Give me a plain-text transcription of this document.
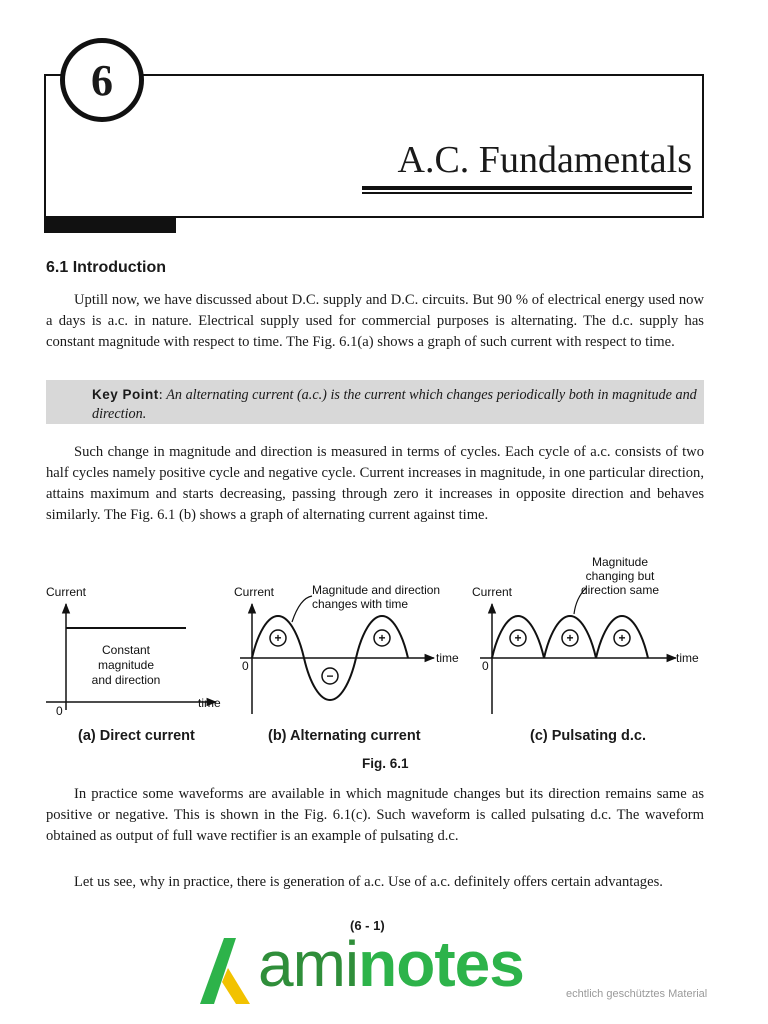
6
A.C. Fundamentals
6.1 Introduction

Uptill now, we have discussed about D.C. supply and D.C. circuits. But 90 % of electrical energy used now a days is a.c. in nature. Electrical supply used for commercial purposes is alternating. The d.c. supply has constant magnitude with respect to time. The Fig. 6.1(a) shows a graph of such current with respect to time.

Key Point: An alternating current (a.c.) is the current which changes periodically both in magnitude and direction.

Such change in magnitude and direction is measured in terms of cycles. Each cycle of a.c. consists of two half cycles namely positive cycle and negative cycle. Current increases in magnitude, in one particular direction, attains maximum and starts decreasing, passing through zero it increases in opposite direction and behaves similarly. The Fig. 6.1 (b) shows a graph of alternating current against time.

Current
0
time
Constant
magnitude
and direction
Current
0
time
+
−
+
Magnitude and direction
changes with time
Current
0
time
+	+	+
Magnitude
changing but
direction same
(a) Direct current	(b) Alternating current	(c) Pulsating d.c.
Fig. 6.1

In practice some waveforms are available in which magnitude changes but its direction remains same as positive or negative. This is shown in the Fig. 6.1(c). Such waveform is called pulsating d.c. The waveform obtained as output of full wave rectifier is an example of pulsating d.c.

Let us see, why in practice, there is generation of a.c. Use of a.c. definitely offers certain advantages.

(6 - 1)
aminotes	echtlich geschütztes Material
